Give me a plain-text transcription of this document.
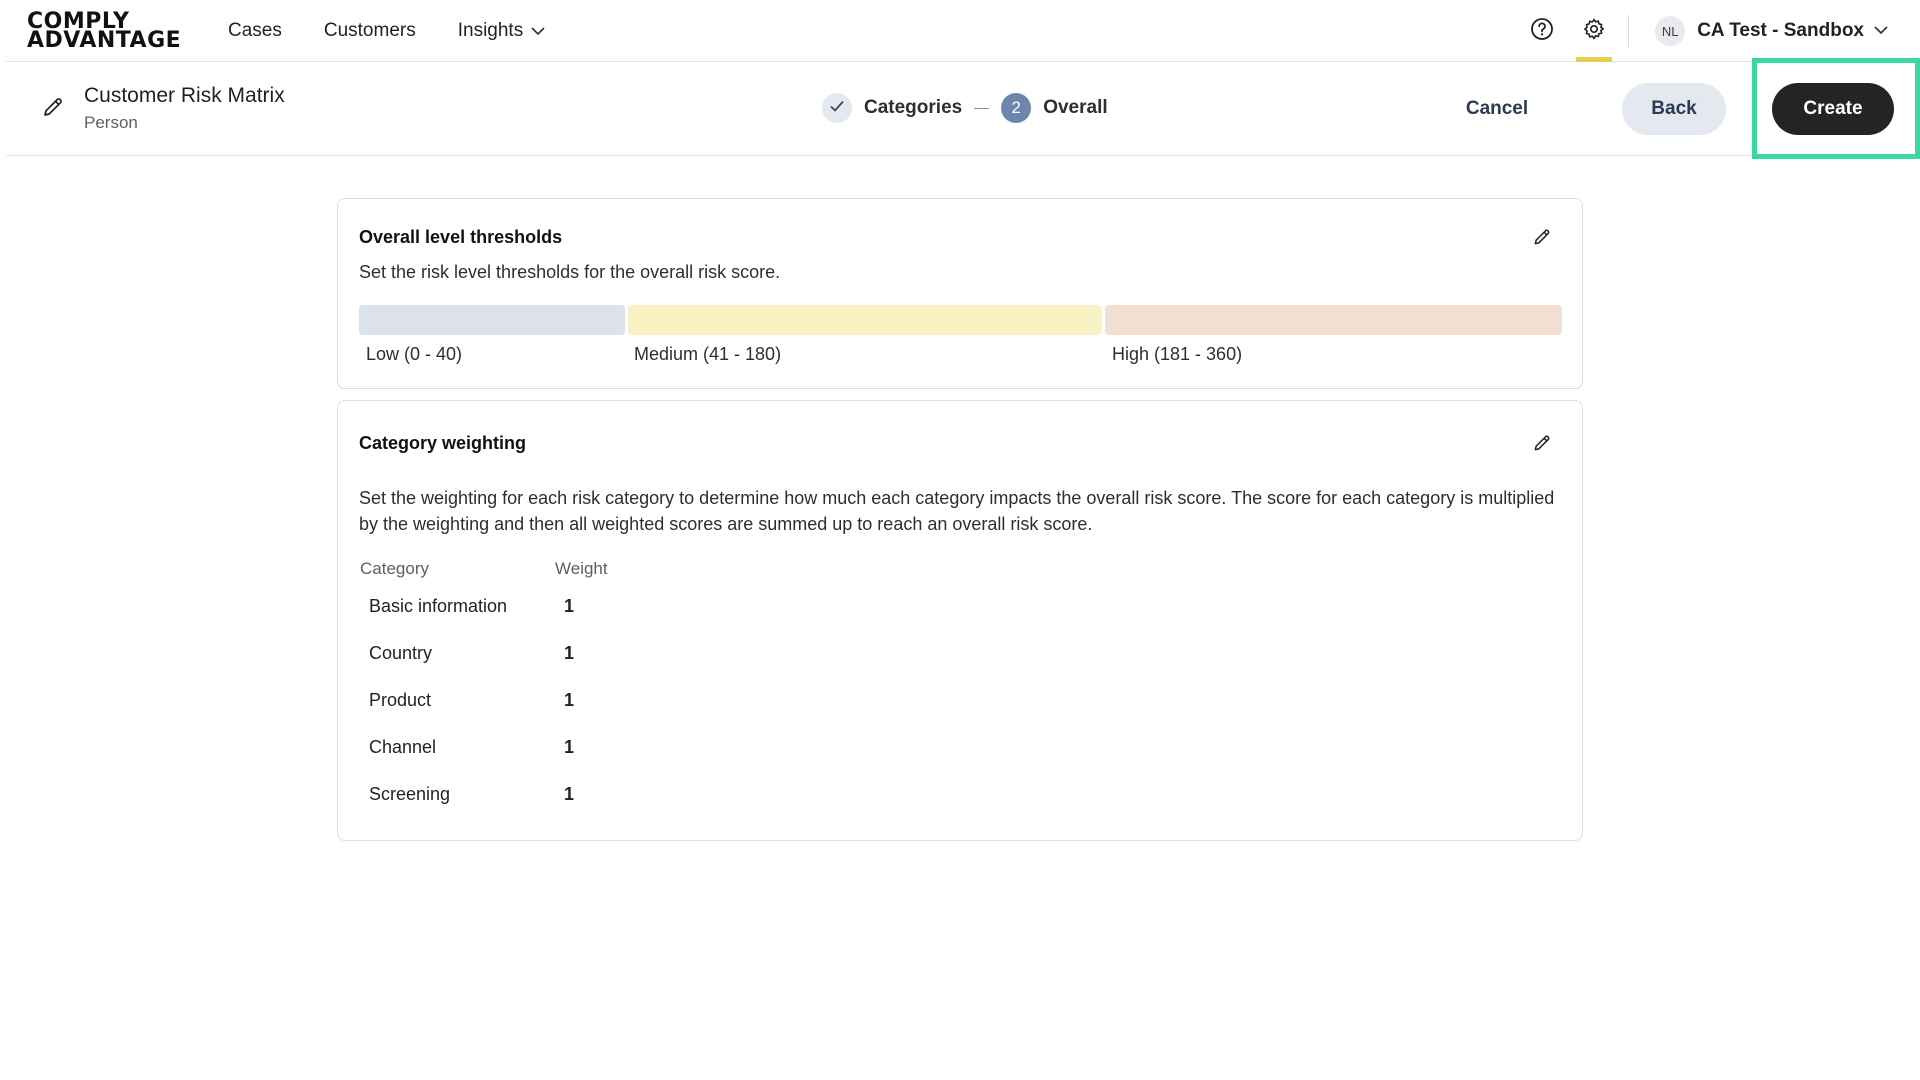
COMPLY
ADVANTAGE Cases Customers Insights	NL CA Test - Sandbox
Customer Risk Matrix
Person
Categories	2	Overall	Cancel	Back	Create
Overall level thresholds
Set the risk level thresholds for the overall risk score.
Low (0 - 40)	Medium (41 - 180)	High (181 - 360)
Category weighting
Set the weighting for each risk category to determine how much each category impacts the overall risk score. The score for each category is multiplied by the weighting and then all weighted scores are summed up to reach an overall risk score.
Category	Weight
Basic information	1
Country	1
Product	1
Channel	1
Screening	1
